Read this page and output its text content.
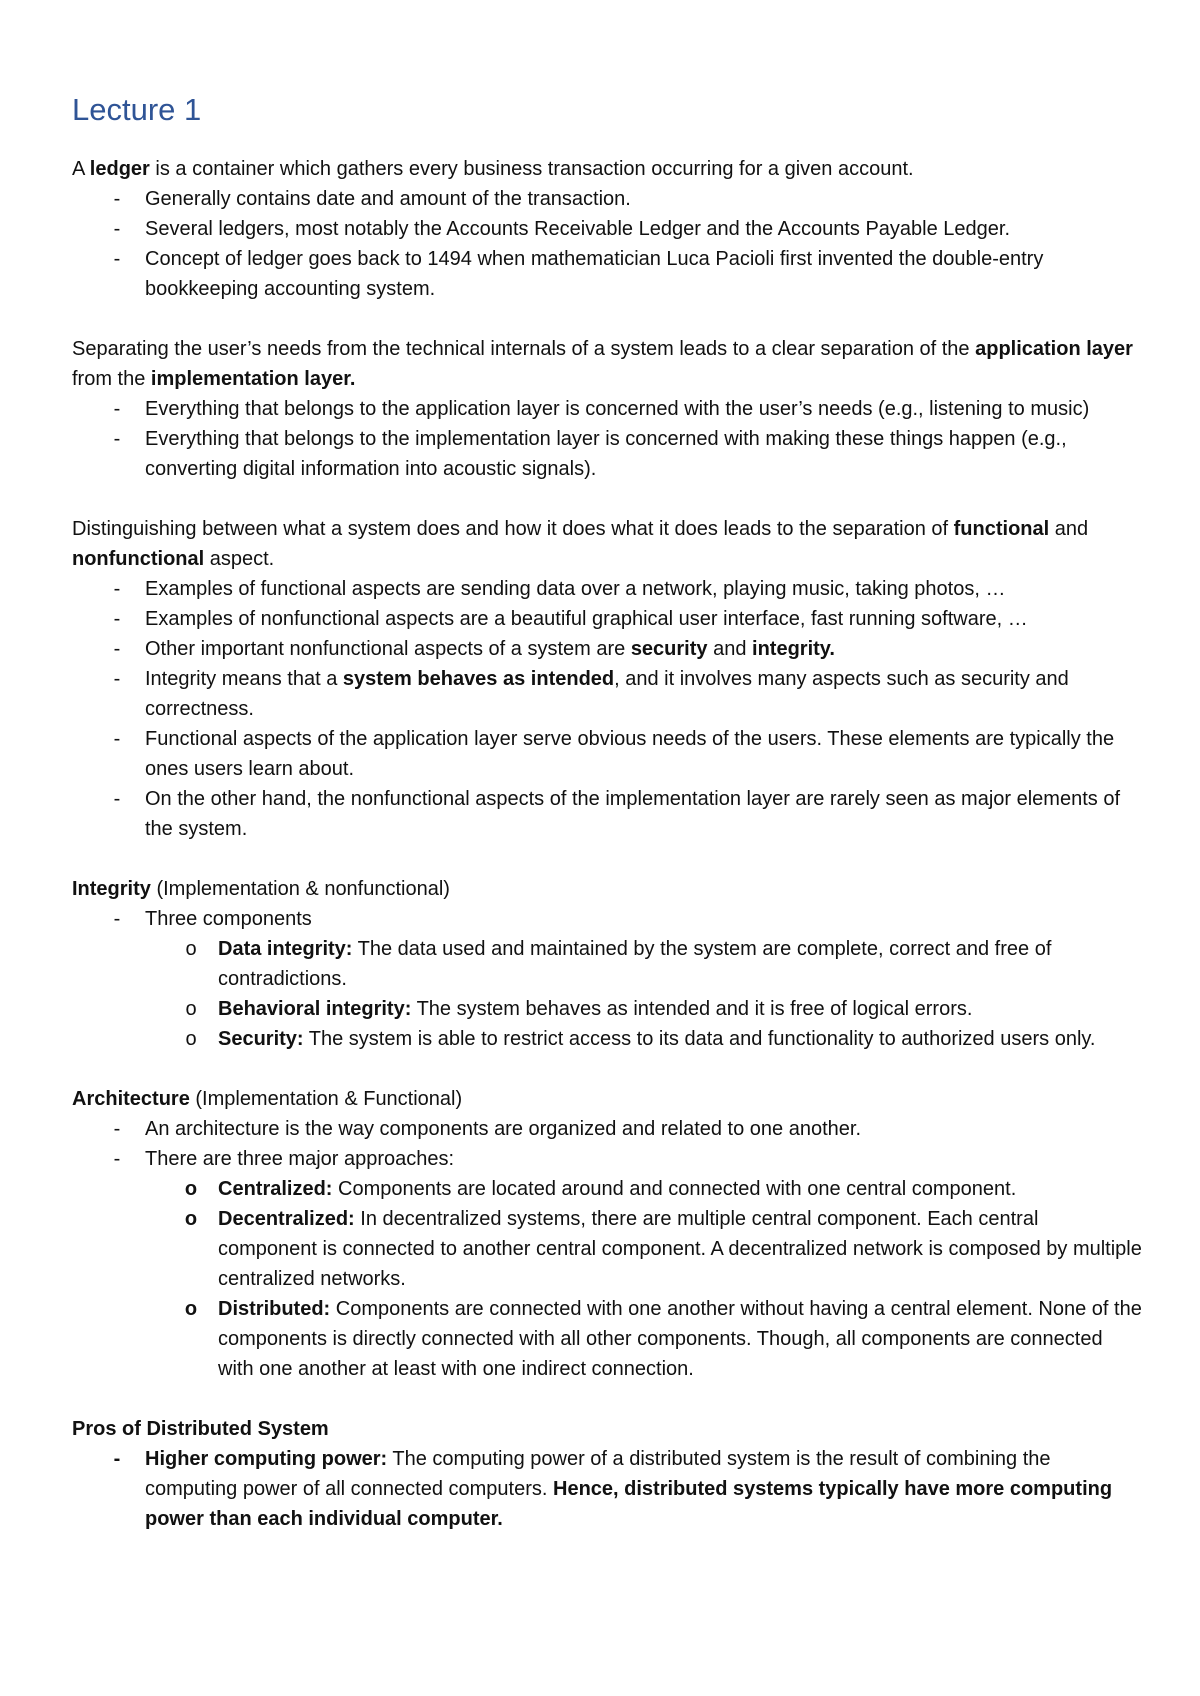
Lecture 1

A ledger is a container which gathers every business transaction occurring for a given account.

- Generally contains date and amount of the transaction.
- Several ledgers, most notably the Accounts Receivable Ledger and the Accounts Payable Ledger.
- Concept of ledger goes back to 1494 when mathematician Luca Pacioli first invented the double-entry bookkeeping accounting system.

Separating the user’s needs from the technical internals of a system leads to a clear separation of the application layer from the implementation layer.

- Everything that belongs to the application layer is concerned with the user’s needs (e.g., listening to music)
- Everything that belongs to the implementation layer is concerned with making these things happen (e.g., converting digital information into acoustic signals).

Distinguishing between what a system does and how it does what it does leads to the separation of functional and nonfunctional aspect.

- Examples of functional aspects are sending data over a network, playing music, taking photos, …
- Examples of nonfunctional aspects are a beautiful graphical user interface, fast running software, …
- Other important nonfunctional aspects of a system are security and integrity.
- Integrity means that a system behaves as intended, and it involves many aspects such as security and correctness.
- Functional aspects of the application layer serve obvious needs of the users. These elements are typically the ones users learn about.
- On the other hand, the nonfunctional aspects of the implementation layer are rarely seen as major elements of the system.

Integrity (Implementation & nonfunctional)

- Three components
o Data integrity: The data used and maintained by the system are complete, correct and free of contradictions.
o Behavioral integrity: The system behaves as intended and it is free of logical errors.
o Security: The system is able to restrict access to its data and functionality to authorized users only.

Architecture (Implementation & Functional)

- An architecture is the way components are organized and related to one another.
- There are three major approaches:
o Centralized: Components are located around and connected with one central component.
o Decentralized: In decentralized systems, there are multiple central component. Each central component is connected to another central component. A decentralized network is composed by multiple centralized networks.
o Distributed: Components are connected with one another without having a central element. None of the components is directly connected with all other components. Though, all components are connected with one another at least with one indirect connection.

Pros of Distributed System

- Higher computing power: The computing power of a distributed system is the result of combining the computing power of all connected computers. Hence, distributed systems typically have more computing power than each individual computer.
